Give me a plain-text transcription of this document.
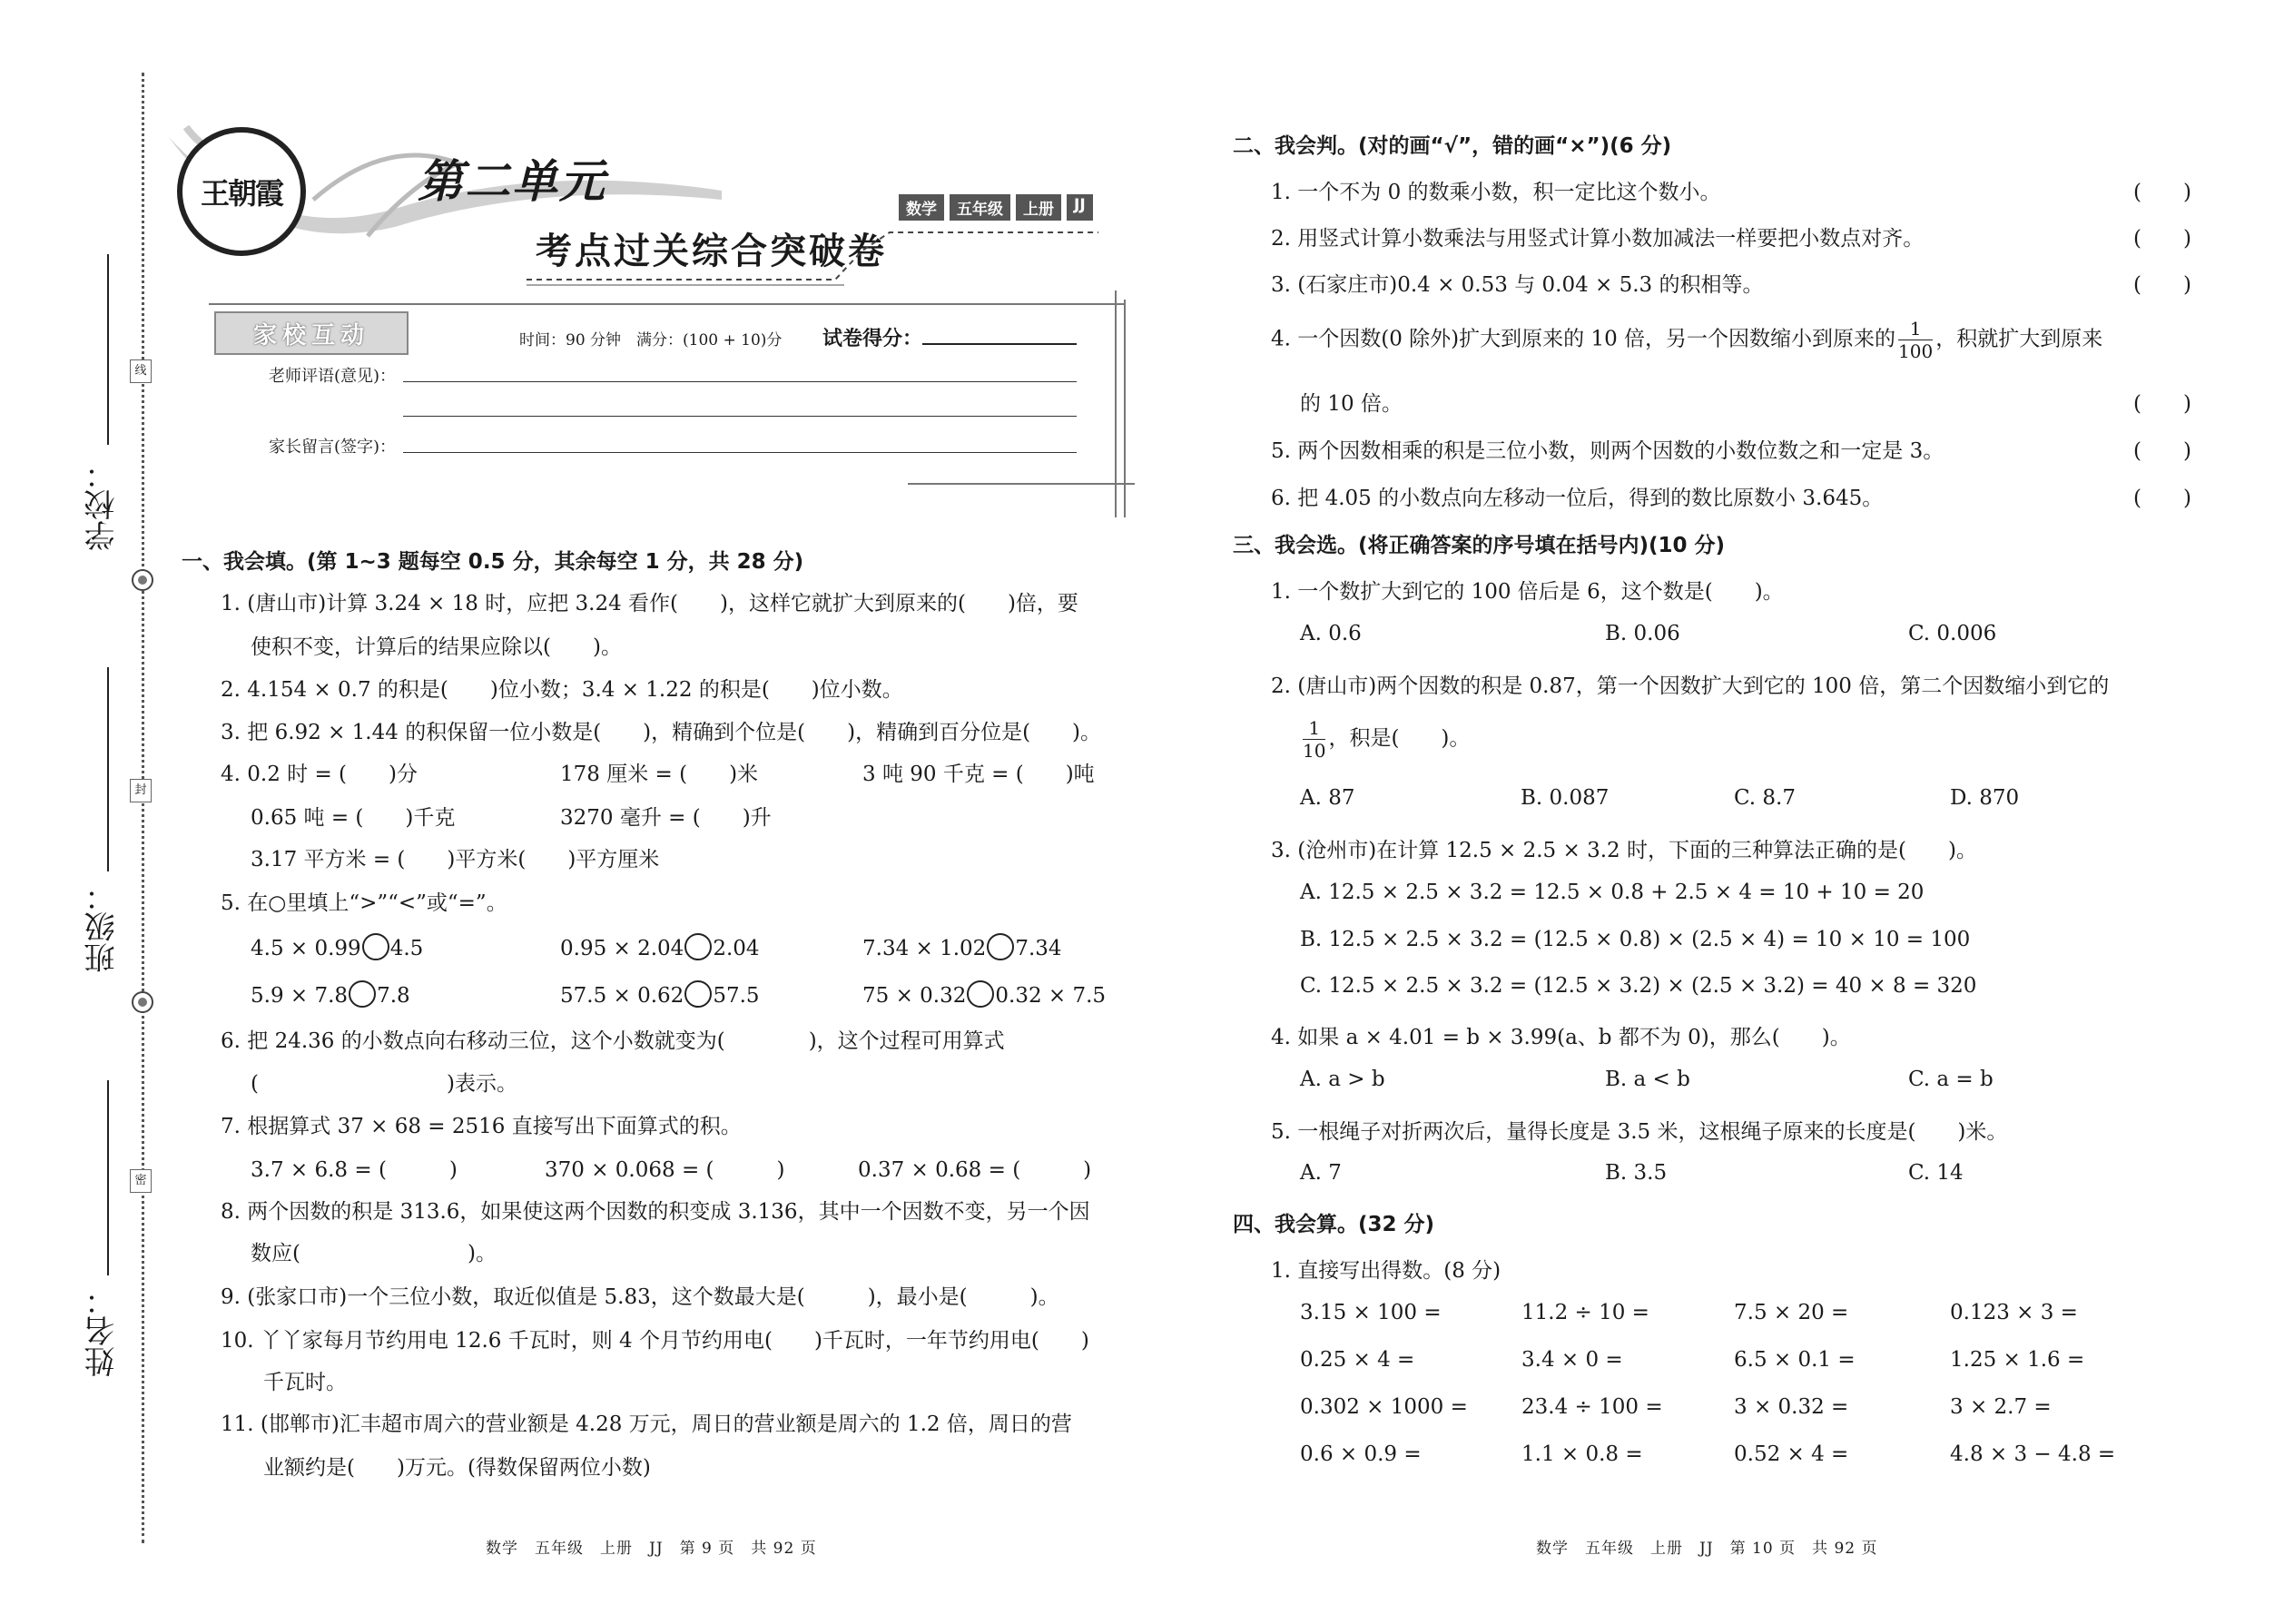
学校：
班级：
姓名：
线
封
密
王朝霞	第二单元
考点过关综合突破卷
数学	五年级	上册	JJ
家校互动	时间：90 分钟　满分：(100 + 10)分 试卷得分：
老师评语(意见)：
家长留言(签字)：
一、我会填。(第 1~3 题每空 0.5 分，其余每空 1 分，共 28 分)
1. (唐山市)计算 3.24 × 18 时，应把 3.24 看作(　　)，这样它就扩大到原来的(　　)倍，要
使积不变，计算后的结果应除以(　　)。
2. 4.154 × 0.7 的积是(　　)位小数；3.4 × 1.22 的积是(　　)位小数。
3. 把 6.92 × 1.44 的积保留一位小数是(　　)，精确到个位是(　　)，精确到百分位是(　　)。
4. 0.2 时 = (　　)分	178 厘米 = (　　)米	3 吨 90 千克 = (　　)吨
0.65 吨 = (　　)千克	3270 毫升 = (　　)升
3.17 平方米 = (　　)平方米(　　)平方厘米
5. 在○里填上“>”“<”或“=”。
4.5 × 0.99 4.5	0.95 × 2.04 2.04	7.34 × 1.02 7.34
5.9 × 7.8 7.8	57.5 × 0.62 57.5	75 × 0.32 0.32 × 7.5
6. 把 24.36 的小数点向右移动三位，这个小数就变为(　　　　)，这个过程可用算式
(　　　　　　　　　)表示。
7. 根据算式 37 × 68 = 2516 直接写出下面算式的积。
3.7 × 6.8 = (　　　)	370 × 0.068 = (　　　)	0.37 × 0.68 = (　　　)
8. 两个因数的积是 313.6，如果使这两个因数的积变成 3.136，其中一个因数不变，另一个因
数应(　　　　　　　　)。
9. (张家口市)一个三位小数，取近似值是 5.83，这个数最大是(　　　)，最小是(　　　)。
10. 丫丫家每月节约用电 12.6 千瓦时，则 4 个月节约用电(　　)千瓦时，一年节约用电(　　)
千瓦时。
11. (邯郸市)汇丰超市周六的营业额是 4.28 万元，周日的营业额是周六的 1.2 倍，周日的营
业额约是(　　)万元。(得数保留两位小数)
数学　五年级　上册　JJ　第 9 页　共 92 页
二、我会判。(对的画“√”，错的画“×”)(6 分)
1. 一个不为 0 的数乘小数，积一定比这个数小。	(　　)
2. 用竖式计算小数乘法与用竖式计算小数加减法一样要把小数点对齐。	(　　)
3. (石家庄市)0.4 × 0.53 与 0.04 × 5.3 的积相等。	(　　)
4. 一个因数(0 除外)扩大到原来的 10 倍，另一个因数缩小到原来的 $\frac{1}{100}$ ，积就扩大到原来
的 10 倍。	(　　)
5. 两个因数相乘的积是三位小数，则两个因数的小数位数之和一定是 3。	(　　)
6. 把 4.05 的小数点向左移动一位后，得到的数比原数小 3.645。	(　　)
三、我会选。(将正确答案的序号填在括号内)(10 分)
1. 一个数扩大到它的 100 倍后是 6，这个数是(　　)。
A. 0.6	B. 0.06	C. 0.006
2. (唐山市)两个因数的积是 0.87，第一个因数扩大到它的 100 倍，第二个因数缩小到它的
$\frac{1}{10}$ ，积是(　　)。
A. 87	B. 0.087	C. 8.7	D. 870
3. (沧州市)在计算 12.5 × 2.5 × 3.2 时，下面的三种算法正确的是(　　)。
A. 12.5 × 2.5 × 3.2 = 12.5 × 0.8 + 2.5 × 4 = 10 + 10 = 20
B. 12.5 × 2.5 × 3.2 = (12.5 × 0.8) × (2.5 × 4) = 10 × 10 = 100
C. 12.5 × 2.5 × 3.2 = (12.5 × 3.2) × (2.5 × 3.2) = 40 × 8 = 320
4. 如果 a × 4.01 = b × 3.99(a、b 都不为 0)，那么(　　)。
A. a > b	B. a < b	C. a = b
5. 一根绳子对折两次后，量得长度是 3.5 米，这根绳子原来的长度是(　　)米。
A. 7	B. 3.5	C. 14
四、我会算。(32 分)
1. 直接写出得数。(8 分)
3.15 × 100 =	11.2 ÷ 10 =	7.5 × 20 =	0.123 × 3 =
0.25 × 4 =	3.4 × 0 =	6.5 × 0.1 =	1.25 × 1.6 =
0.302 × 1000 =	23.4 ÷ 100 =	3 × 0.32 =	3 × 2.7 =
0.6 × 0.9 =	1.1 × 0.8 =	0.52 × 4 =	4.8 × 3 − 4.8 =
数学　五年级　上册　JJ　第 10 页　共 92 页
